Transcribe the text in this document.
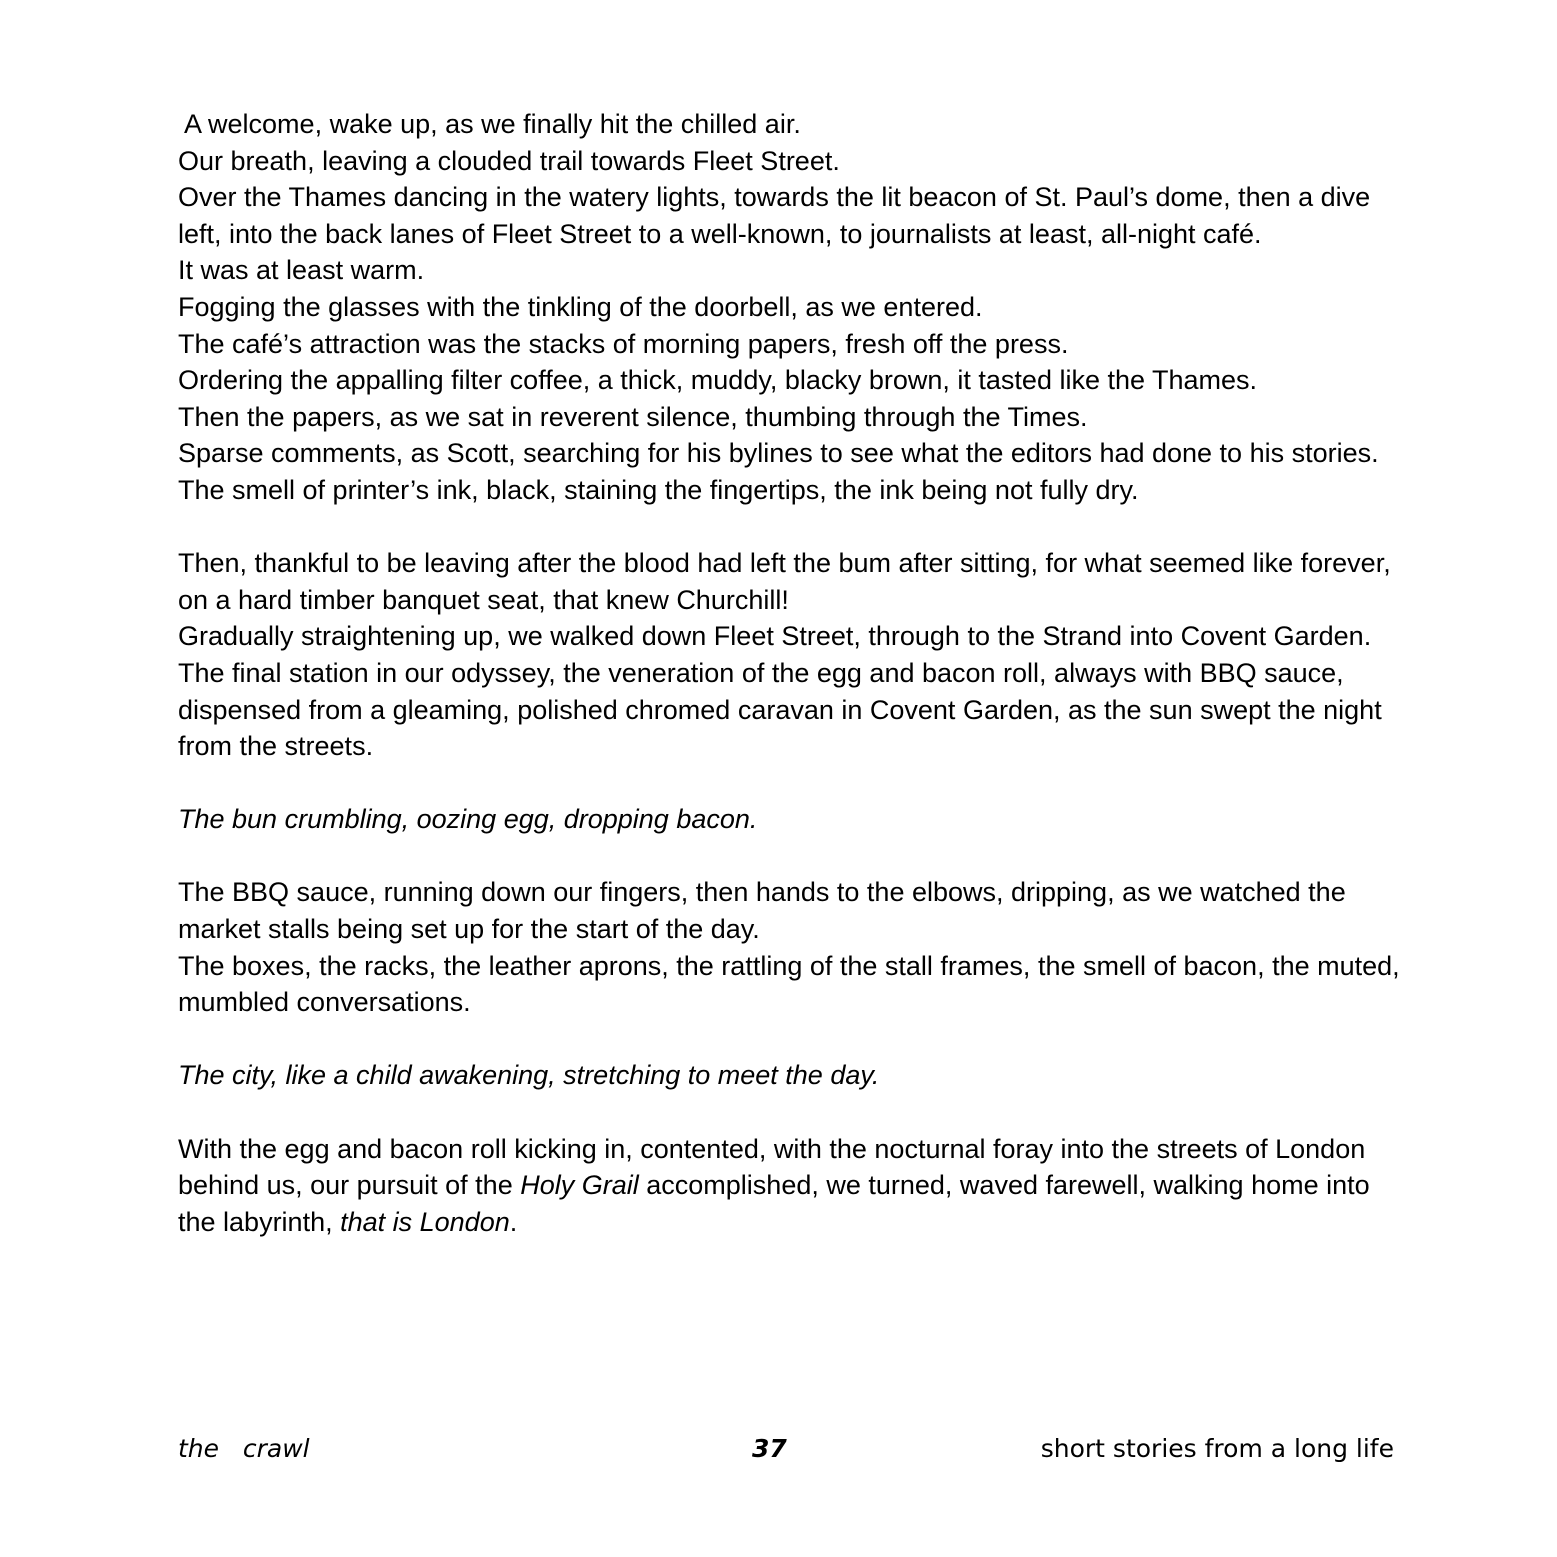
A welcome, wake up, as we finally hit the chilled air.
Our breath, leaving a clouded trail towards Fleet Street.
Over the Thames dancing in the watery lights, towards the lit beacon of St. Paul’s dome, then a dive left, into the back lanes of Fleet Street to a well-known, to journalists at least, all-night café.
It was at least warm.
Fogging the glasses with the tinkling of the doorbell, as we entered.
The café’s attraction was the stacks of morning papers, fresh off the press.
Ordering the appalling filter coffee, a thick, muddy, blacky brown, it tasted like the Thames.
Then the papers, as we sat in reverent silence, thumbing through the Times.
Sparse comments, as Scott, searching for his bylines to see what the editors had done to his stories.
The smell of printer’s ink, black, staining the fingertips, the ink being not fully dry.
Then, thankful to be leaving after the blood had left the bum after sitting, for what seemed like forever, on a hard timber banquet seat, that knew Churchill!
Gradually straightening up, we walked down Fleet Street, through to the Strand into Covent Garden.
The final station in our odyssey, the veneration of the egg and bacon roll, always with BBQ sauce, dispensed from a gleaming, polished chromed caravan in Covent Garden, as the sun swept the night from the streets.
The bun crumbling, oozing egg, dropping bacon.
The BBQ sauce, running down our fingers, then hands to the elbows, dripping, as we watched the market stalls being set up for the start of the day.
The boxes, the racks, the leather aprons, the rattling of the stall frames, the smell of bacon, the muted, mumbled conversations.
The city, like a child awakening, stretching to meet the day.
With the egg and bacon roll kicking in, contented, with the nocturnal foray into the streets of London behind us, our pursuit of the Holy Grail accomplished, we turned, waved farewell, walking home into the labyrinth, that is London.
the   crawl	37	short stories from a long life
